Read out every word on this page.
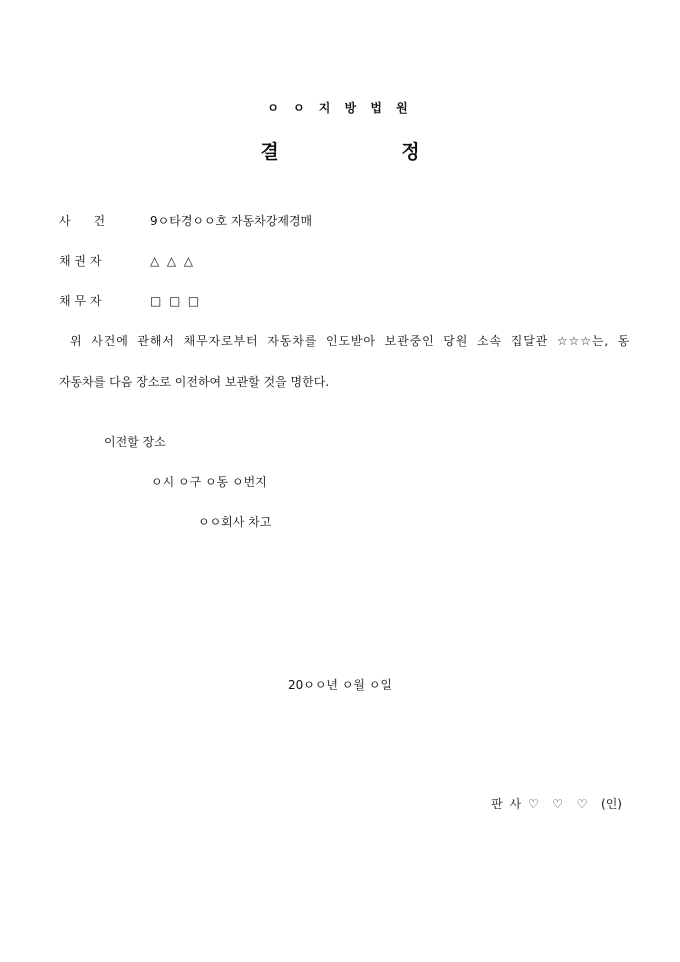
ㅇ ㅇ 지 방 법 원
결 정
사      건	9ㅇ타경ㅇㅇ호 자동차강제경매
채 권 자	△  △  △
채 무 자	□  □  □
위 사건에 관해서 채무자로부터 자동차를 인도받아 보관중인 당원 소속 집달관 ☆☆☆는, 동
자동차를 다음 장소로 이전하여 보관할 것을 명한다.
이전할 장소
ㅇ시 ㅇ구 ㅇ동 ㅇ번지
ㅇㅇ회사 차고
20ㅇㅇ년 ㅇ월 ㅇ일
판 사 ♡  ♡  ♡  (인)
